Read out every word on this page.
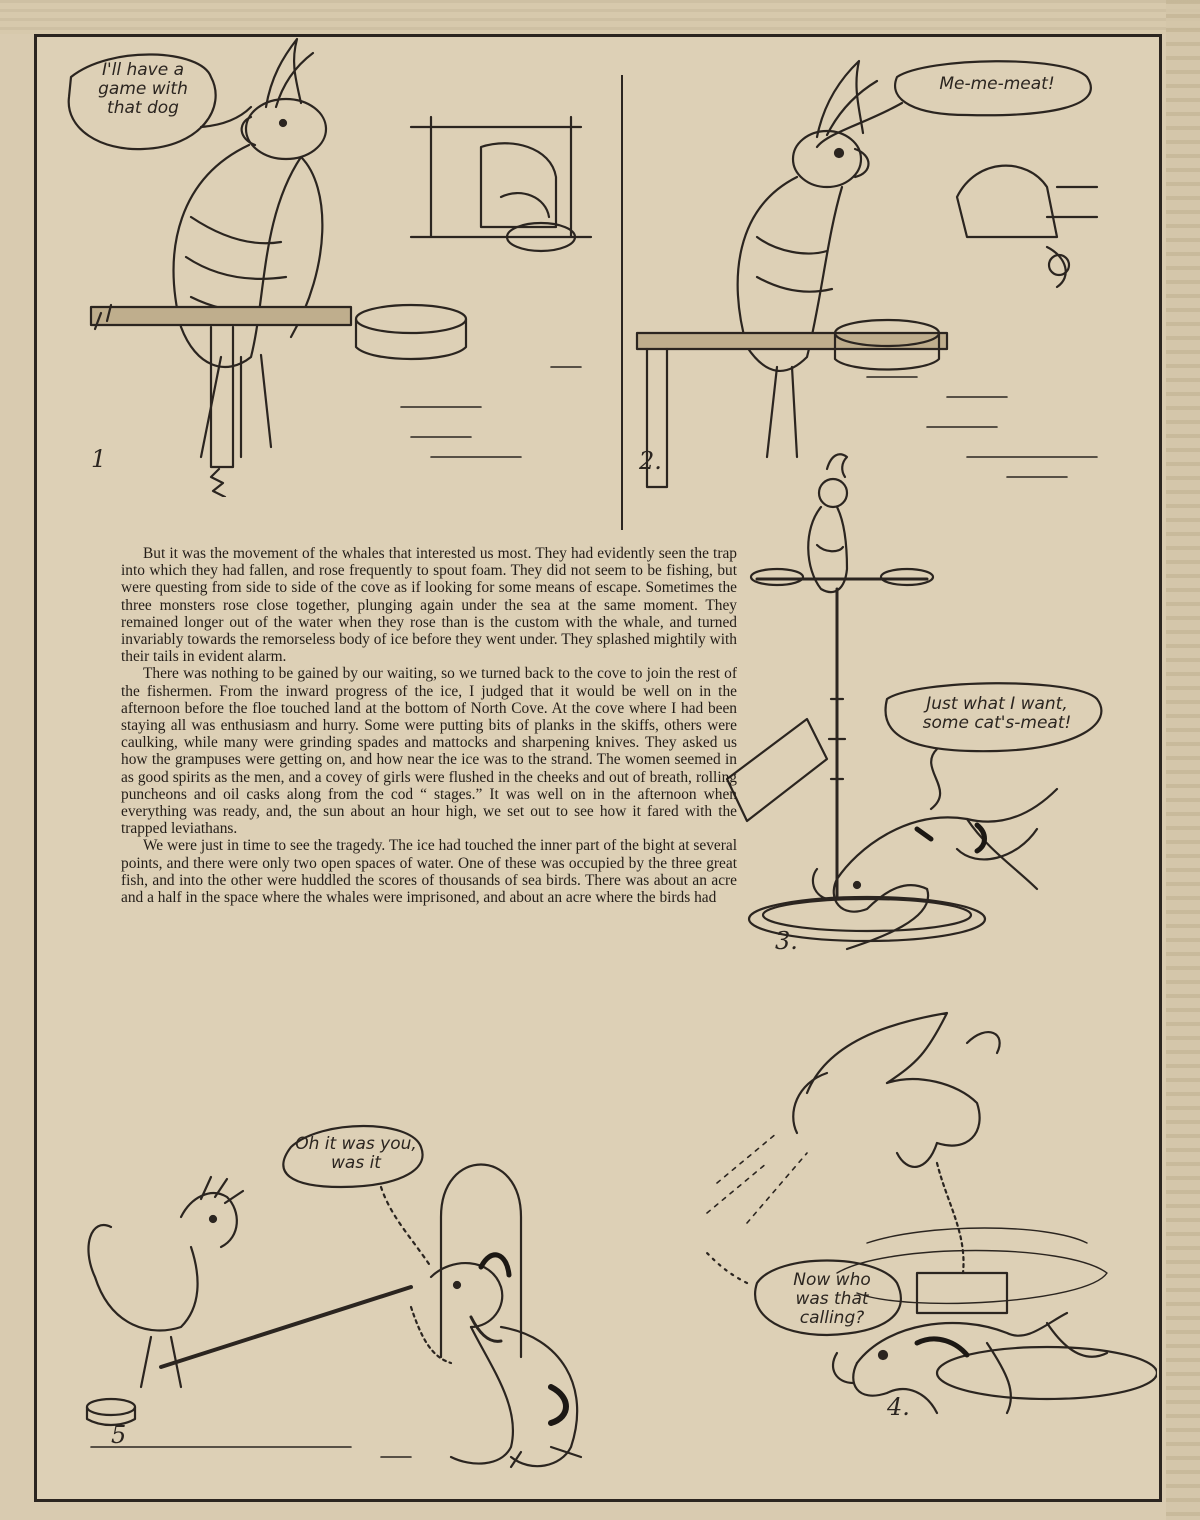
1
I'll have a
game with
that dog
2.
Me-me-meat!
3.
Just what I want,
some cat's-meat!

But it was the movement of the whales that interested us most. They had evidently seen the trap into which they had fallen, and rose frequently to spout foam. They did not seem to be fishing, but were questing from side to side of the cove as if looking for some means of escape. Sometimes the three monsters rose close together, plunging again under the sea at the same moment. They remained longer out of the water when they rose than is the custom with the whale, and turned invariably towards the remorseless body of ice before they went under. They splashed mightily with their tails in evident alarm.

There was nothing to be gained by our waiting, so we turned back to the cove to join the rest of the fishermen. From the inward progress of the ice, I judged that it would be well on in the afternoon before the floe touched land at the bottom of North Cove. At the cove where I had been staying all was enthusiasm and hurry. Some were putting bits of planks in the skiffs, others were caulking, while many were grinding spades and mattocks and sharpening knives. They asked us how the grampuses were getting on, and how near the ice was to the strand. The women seemed in as good spirits as the men, and a covey of girls were flushed in the cheeks and out of breath, rolling puncheons and oil casks along from the cod “ stages.” It was well on in the afternoon when everything was ready, and, the sun about an hour high, we set out to see how it fared with the trapped leviathans.

We were just in time to see the tragedy. The ice had touched the inner part of the bight at several points, and there were only two open spaces of water. One of these was occupied by the three great fish, and into the other were huddled the scores of thousands of sea birds. There was about an acre and a half in the space where the whales were imprisoned, and about an acre where the birds had

4.
Now who
was that
calling?
5
Oh it was you,
was it
